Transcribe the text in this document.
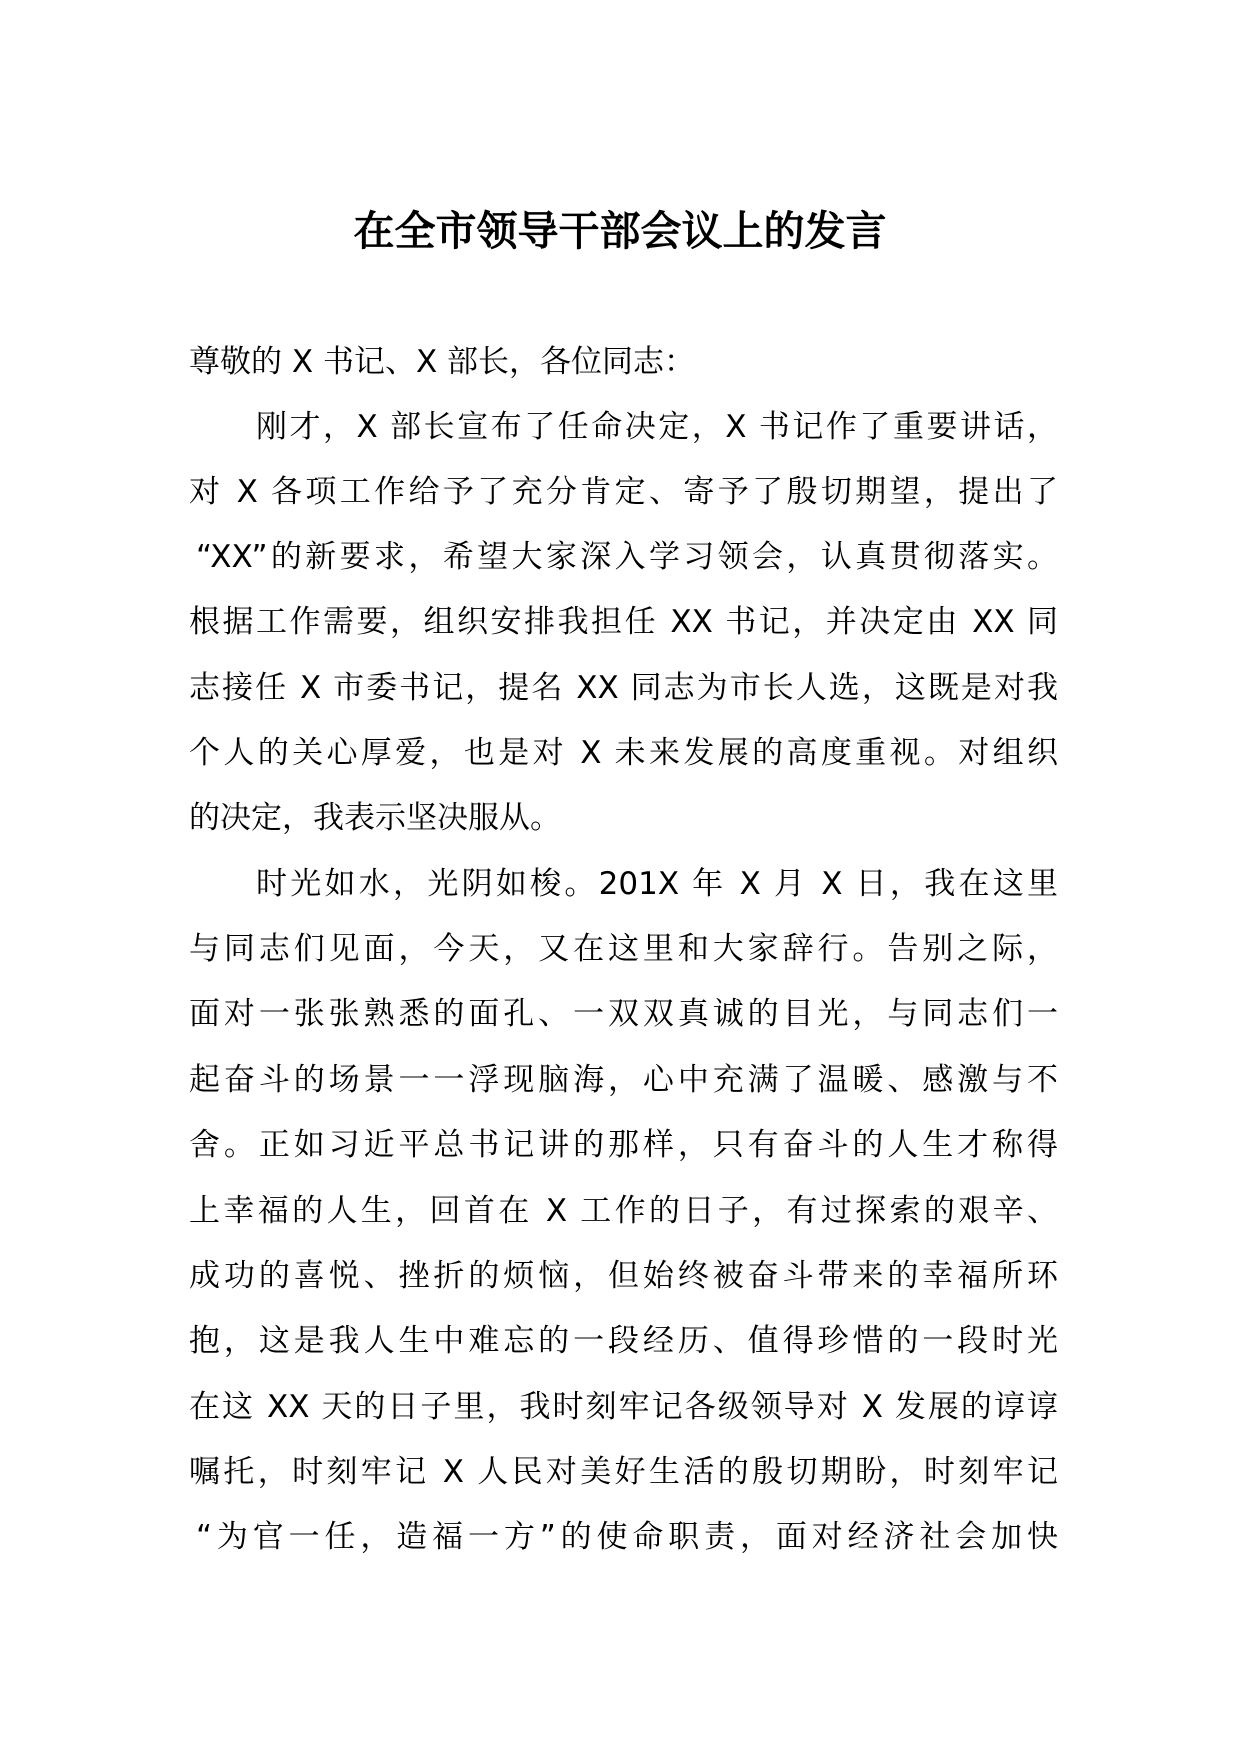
在全市领导干部会议上的发言
尊敬的 X 书记、X 部长，各位同志：
刚才，X 部长宣布了任命决定，X 书记作了重要讲话，
对 X 各项工作给予了充分肯定、寄予了殷切期望，提出了
“XX”的新要求，希望大家深入学习领会，认真贯彻落实。
根据工作需要，组织安排我担任 XX 书记，并决定由 XX 同
志接任 X 市委书记，提名 XX 同志为市长人选，这既是对我
个人的关心厚爱，也是对 X 未来发展的高度重视。对组织
的决定，我表示坚决服从。
时光如水，光阴如梭。201X 年 X 月 X 日，我在这里
与同志们见面，今天，又在这里和大家辞行。告别之际，
面对一张张熟悉的面孔、一双双真诚的目光，与同志们一
起奋斗的场景一一浮现脑海，心中充满了温暖、感激与不
舍。正如习近平总书记讲的那样，只有奋斗的人生才称得
上幸福的人生，回首在 X 工作的日子，有过探索的艰辛、
成功的喜悦、挫折的烦恼，但始终被奋斗带来的幸福所环
抱，这是我人生中难忘的一段经历、值得珍惜的一段时光
在这 XX 天的日子里，我时刻牢记各级领导对 X 发展的谆谆
嘱托，时刻牢记 X 人民对美好生活的殷切期盼，时刻牢记
“为官一任，造福一方”的使命职责，面对经济社会加快
